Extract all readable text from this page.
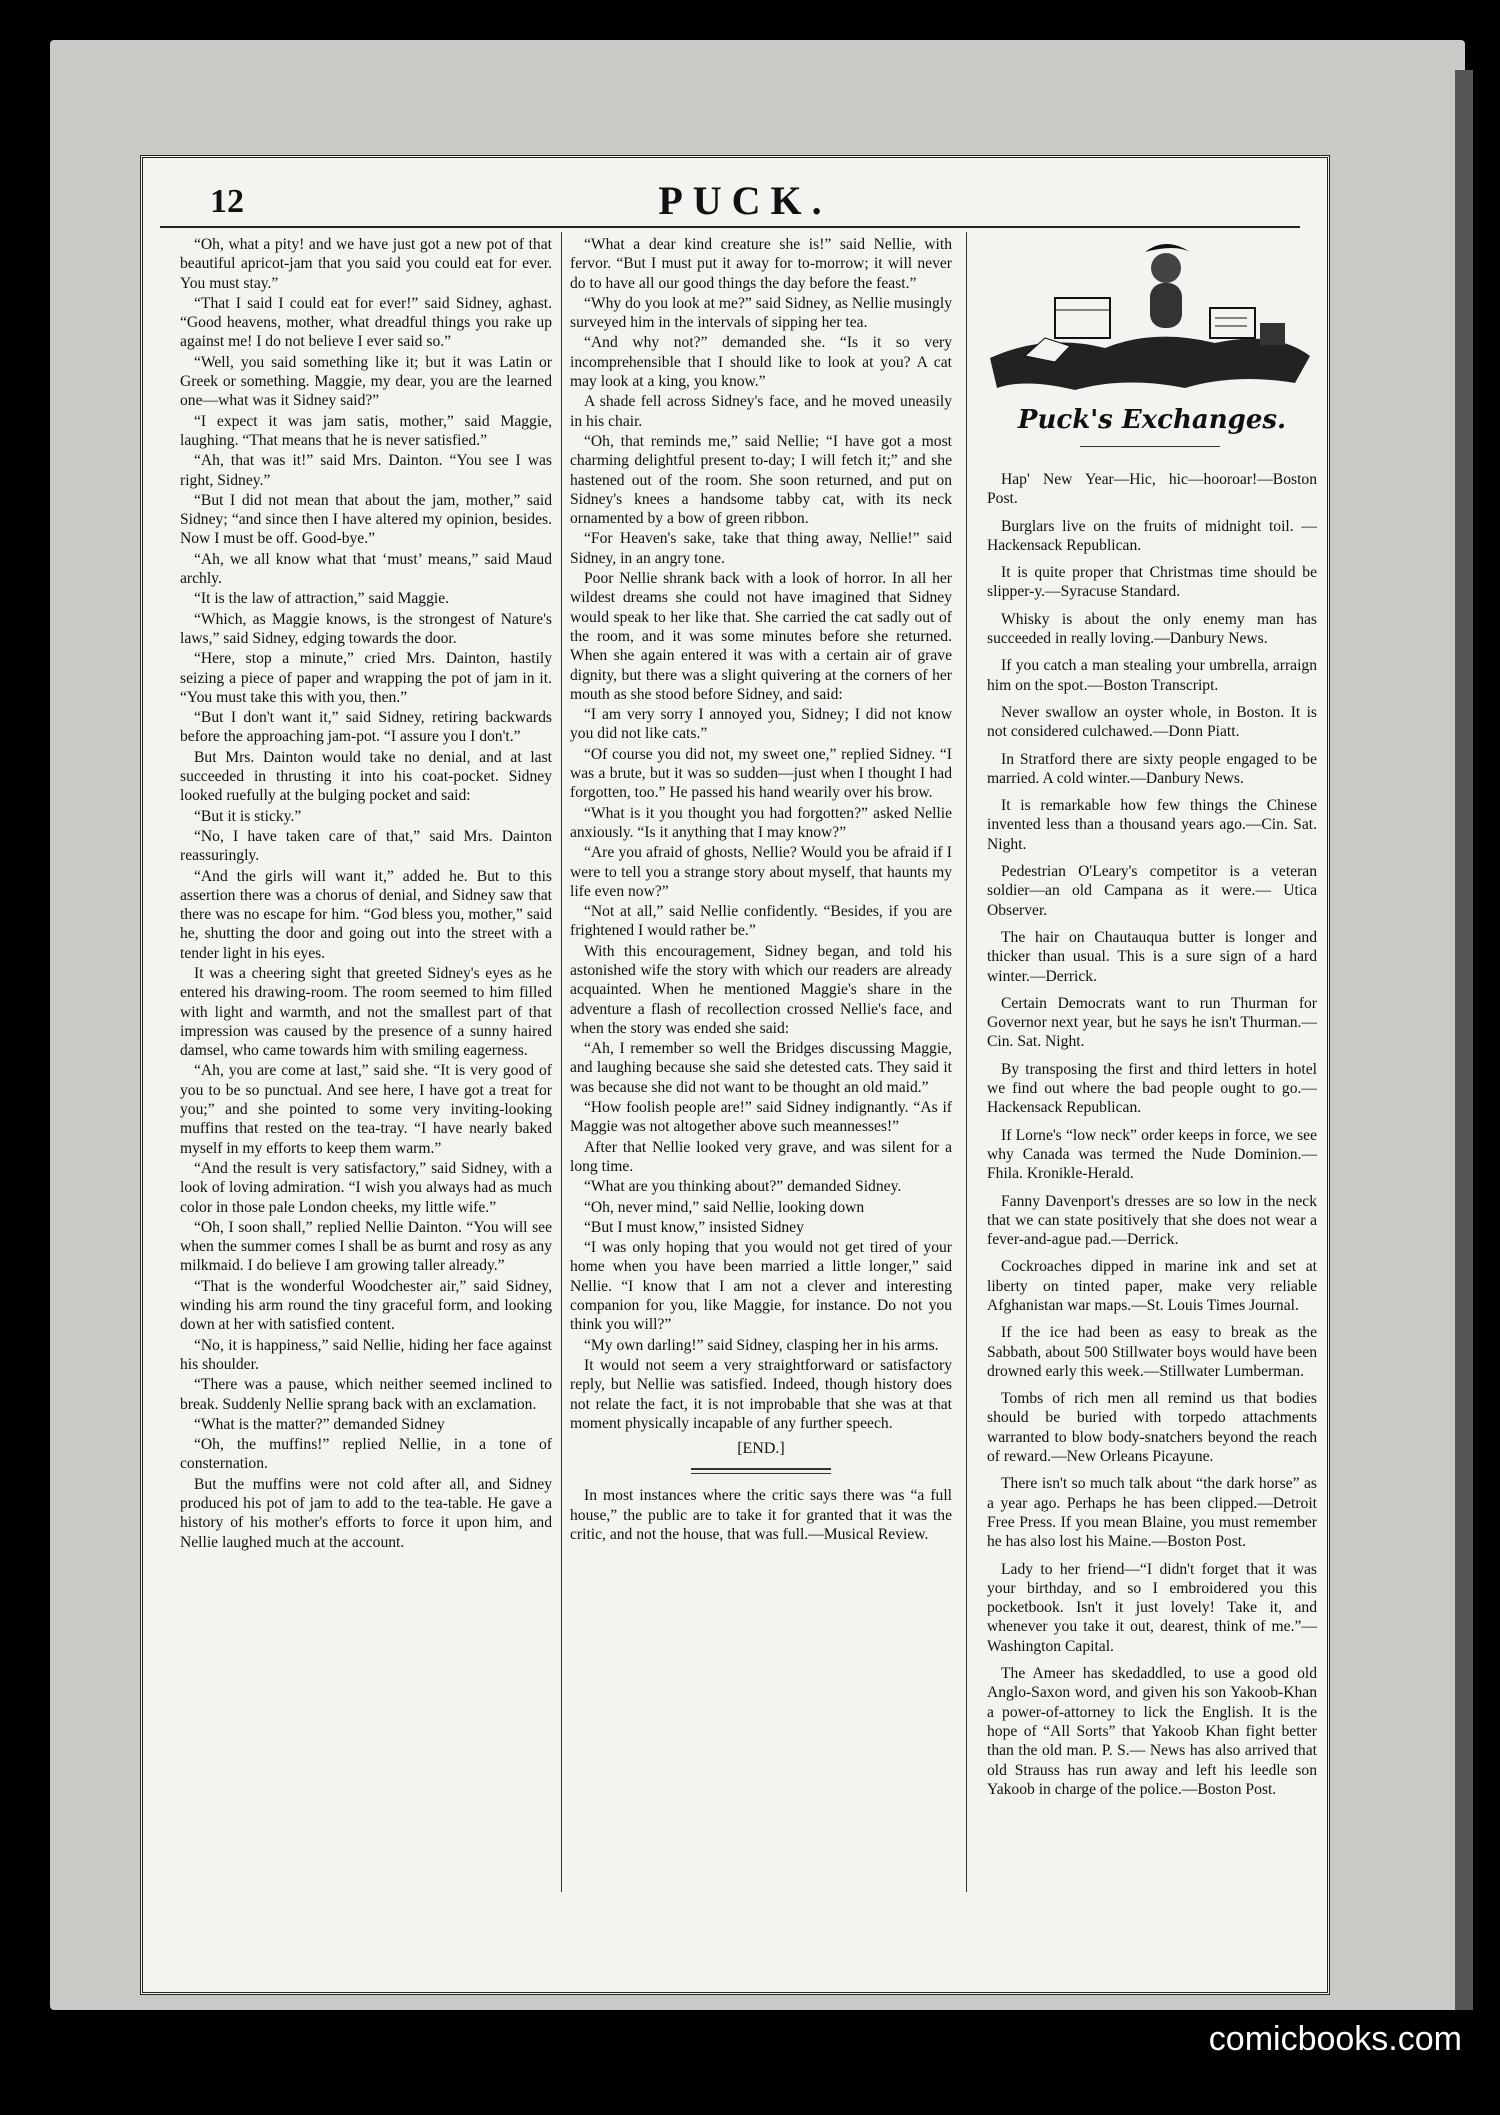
12	PUCK.

“Oh, what a pity! and we have just got a new pot of that beautiful apricot-jam that you said you could eat for ever. You must stay.”

“That I said I could eat for ever!” said Sidney, aghast. “Good heavens, mother, what dreadful things you rake up against me! I do not believe I ever said so.”

“Well, you said something like it; but it was Latin or Greek or something. Maggie, my dear, you are the learned one—what was it Sidney said?”

“I expect it was jam satis, mother,” said Maggie, laughing. “That means that he is never satisfied.”

“Ah, that was it!” said Mrs. Dainton. “You see I was right, Sidney.”

“But I did not mean that about the jam, mother,” said Sidney; “and since then I have altered my opinion, besides. Now I must be off. Good-bye.”

“Ah, we all know what that ‘must’ means,” said Maud archly.

“It is the law of attraction,” said Maggie.

“Which, as Maggie knows, is the strongest of Nature's laws,” said Sidney, edging towards the door.

“Here, stop a minute,” cried Mrs. Dainton, hastily seizing a piece of paper and wrapping the pot of jam in it. “You must take this with you, then.”

“But I don't want it,” said Sidney, retiring backwards before the approaching jam-pot. “I assure you I don't.”

But Mrs. Dainton would take no denial, and at last succeeded in thrusting it into his coat-pocket. Sidney looked ruefully at the bulging pocket and said:

“But it is sticky.”

“No, I have taken care of that,” said Mrs. Dainton reassuringly.

“And the girls will want it,” added he. But to this assertion there was a chorus of denial, and Sidney saw that there was no escape for him. “God bless you, mother,” said he, shutting the door and going out into the street with a tender light in his eyes.

It was a cheering sight that greeted Sidney's eyes as he entered his drawing-room. The room seemed to him filled with light and warmth, and not the smallest part of that impression was caused by the presence of a sunny haired damsel, who came towards him with smiling eagerness.

“Ah, you are come at last,” said she. “It is very good of you to be so punctual. And see here, I have got a treat for you;” and she pointed to some very inviting-looking muffins that rested on the tea-tray. “I have nearly baked myself in my efforts to keep them warm.”

“And the result is very satisfactory,” said Sidney, with a look of loving admiration. “I wish you always had as much color in those pale London cheeks, my little wife.”

“Oh, I soon shall,” replied Nellie Dainton. “You will see when the summer comes I shall be as burnt and rosy as any milkmaid. I do believe I am growing taller already.”

“That is the wonderful Woodchester air,” said Sidney, winding his arm round the tiny graceful form, and looking down at her with satisfied content.

“No, it is happiness,” said Nellie, hiding her face against his shoulder.

“There was a pause, which neither seemed inclined to break. Suddenly Nellie sprang back with an exclamation.

“What is the matter?” demanded Sidney

“Oh, the muffins!” replied Nellie, in a tone of consternation.

But the muffins were not cold after all, and Sidney produced his pot of jam to add to the tea-table. He gave a history of his mother's efforts to force it upon him, and Nellie laughed much at the account.

“What a dear kind creature she is!” said Nellie, with fervor. “But I must put it away for to-morrow; it will never do to have all our good things the day before the feast.”

“Why do you look at me?” said Sidney, as Nellie musingly surveyed him in the intervals of sipping her tea.

“And why not?” demanded she. “Is it so very incomprehensible that I should like to look at you? A cat may look at a king, you know.”

A shade fell across Sidney's face, and he moved uneasily in his chair.

“Oh, that reminds me,” said Nellie; “I have got a most charming delightful present to-day; I will fetch it;” and she hastened out of the room. She soon returned, and put on Sidney's knees a handsome tabby cat, with its neck ornamented by a bow of green ribbon.

“For Heaven's sake, take that thing away, Nellie!” said Sidney, in an angry tone.

Poor Nellie shrank back with a look of horror. In all her wildest dreams she could not have imagined that Sidney would speak to her like that. She carried the cat sadly out of the room, and it was some minutes before she returned. When she again entered it was with a certain air of grave dignity, but there was a slight quivering at the corners of her mouth as she stood before Sidney, and said:

“I am very sorry I annoyed you, Sidney; I did not know you did not like cats.”

“Of course you did not, my sweet one,” replied Sidney. “I was a brute, but it was so sudden—just when I thought I had forgotten, too.” He passed his hand wearily over his brow.

“What is it you thought you had forgotten?” asked Nellie anxiously. “Is it anything that I may know?”

“Are you afraid of ghosts, Nellie? Would you be afraid if I were to tell you a strange story about myself, that haunts my life even now?”

“Not at all,” said Nellie confidently. “Besides, if you are frightened I would rather be.”

With this encouragement, Sidney began, and told his astonished wife the story with which our readers are already acquainted. When he mentioned Maggie's share in the adventure a flash of recollection crossed Nellie's face, and when the story was ended she said:

“Ah, I remember so well the Bridges discussing Maggie, and laughing because she said she detested cats. They said it was because she did not want to be thought an old maid.”

“How foolish people are!” said Sidney indignantly. “As if Maggie was not altogether above such meannesses!”

After that Nellie looked very grave, and was silent for a long time.

“What are you thinking about?” demanded Sidney.

“Oh, never mind,” said Nellie, looking down

“But I must know,” insisted Sidney

“I was only hoping that you would not get tired of your home when you have been married a little longer,” said Nellie. “I know that I am not a clever and interesting companion for you, like Maggie, for instance. Do not you think you will?”

“My own darling!” said Sidney, clasping her in his arms.

It would not seem a very straightforward or satisfactory reply, but Nellie was satisfied. Indeed, though history does not relate the fact, it is not improbable that she was at that moment physically incapable of any further speech.

[END.]

In most instances where the critic says there was “a full house,” the public are to take it for granted that it was the critic, and not the house, that was full.—Musical Review.

Puck's Exchanges.

Hap' New Year—Hic, hic—hooroar!—Boston Post.

Burglars live on the fruits of midnight toil. —Hackensack Republican.

It is quite proper that Christmas time should be slipper-y.—Syracuse Standard.

Whisky is about the only enemy man has succeeded in really loving.—Danbury News.

If you catch a man stealing your umbrella, arraign him on the spot.—Boston Transcript.

Never swallow an oyster whole, in Boston. It is not considered culchawed.—Donn Piatt.

In Stratford there are sixty people engaged to be married. A cold winter.—Danbury News.

It is remarkable how few things the Chinese invented less than a thousand years ago.—Cin. Sat. Night.

Pedestrian O'Leary's competitor is a veteran soldier—an old Campana as it were.— Utica Observer.

The hair on Chautauqua butter is longer and thicker than usual. This is a sure sign of a hard winter.—Derrick.

Certain Democrats want to run Thurman for Governor next year, but he says he isn't Thurman.—Cin. Sat. Night.

By transposing the first and third letters in hotel we find out where the bad people ought to go.—Hackensack Republican.

If Lorne's “low neck” order keeps in force, we see why Canada was termed the Nude Dominion.—Fhila. Kronikle-Herald.

Fanny Davenport's dresses are so low in the neck that we can state positively that she does not wear a fever-and-ague pad.—Derrick.

Cockroaches dipped in marine ink and set at liberty on tinted paper, make very reliable Afghanistan war maps.—St. Louis Times Journal.

If the ice had been as easy to break as the Sabbath, about 500 Stillwater boys would have been drowned early this week.—Stillwater Lumberman.

Tombs of rich men all remind us that bodies should be buried with torpedo attachments warranted to blow body-snatchers beyond the reach of reward.—New Orleans Picayune.

There isn't so much talk about “the dark horse” as a year ago. Perhaps he has been clipped.—Detroit Free Press. If you mean Blaine, you must remember he has also lost his Maine.—Boston Post.

Lady to her friend—“I didn't forget that it was your birthday, and so I embroidered you this pocketbook. Isn't it just lovely! Take it, and whenever you take it out, dearest, think of me.”— Washington Capital.

The Ameer has skedaddled, to use a good old Anglo-Saxon word, and given his son Yakoob-Khan a power-of-attorney to lick the English. It is the hope of “All Sorts” that Yakoob Khan fight better than the old man. P. S.— News has also arrived that old Strauss has run away and left his leedle son Yakoob in charge of the police.—Boston Post.

comicbooks.com
